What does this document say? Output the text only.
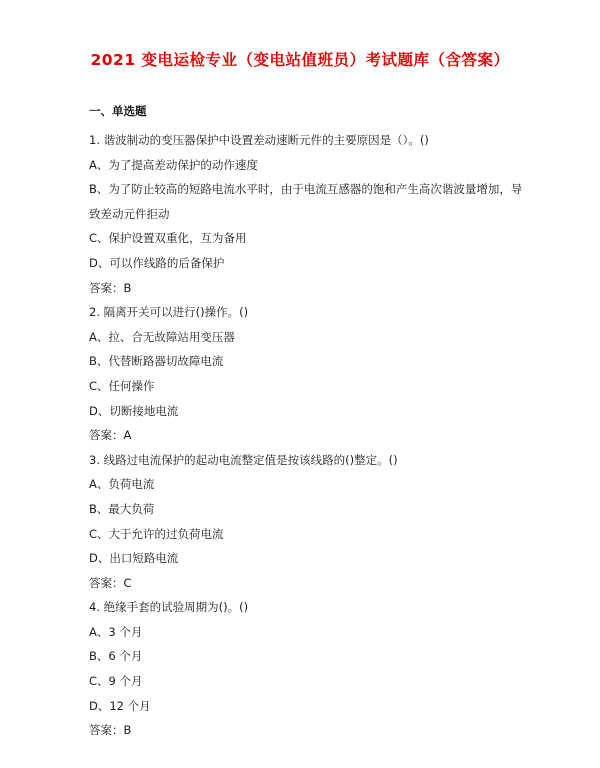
2021 变电运检专业（变电站值班员）考试题库（含答案）
一、单选题
1. 谐波制动的变压器保护中设置差动速断元件的主要原因是（）。()
A、为了提高差动保护的动作速度
B、为了防止较高的短路电流水平时，由于电流互感器的饱和产生高次谐波量增加，导致差动元件拒动
C、保护设置双重化，互为备用
D、可以作线路的后备保护
答案：B
2. 隔离开关可以进行()操作。()
A、拉、合无故障站用变压器
B、代替断路器切故障电流
C、任何操作
D、切断接地电流
答案：A
3. 线路过电流保护的起动电流整定值是按该线路的()整定。()
A、负荷电流
B、最大负荷
C、大于允许的过负荷电流
D、出口短路电流
答案：C
4. 绝缘手套的试验周期为()。()
A、3 个月
B、6 个月
C、9 个月
D、12 个月
答案：B
